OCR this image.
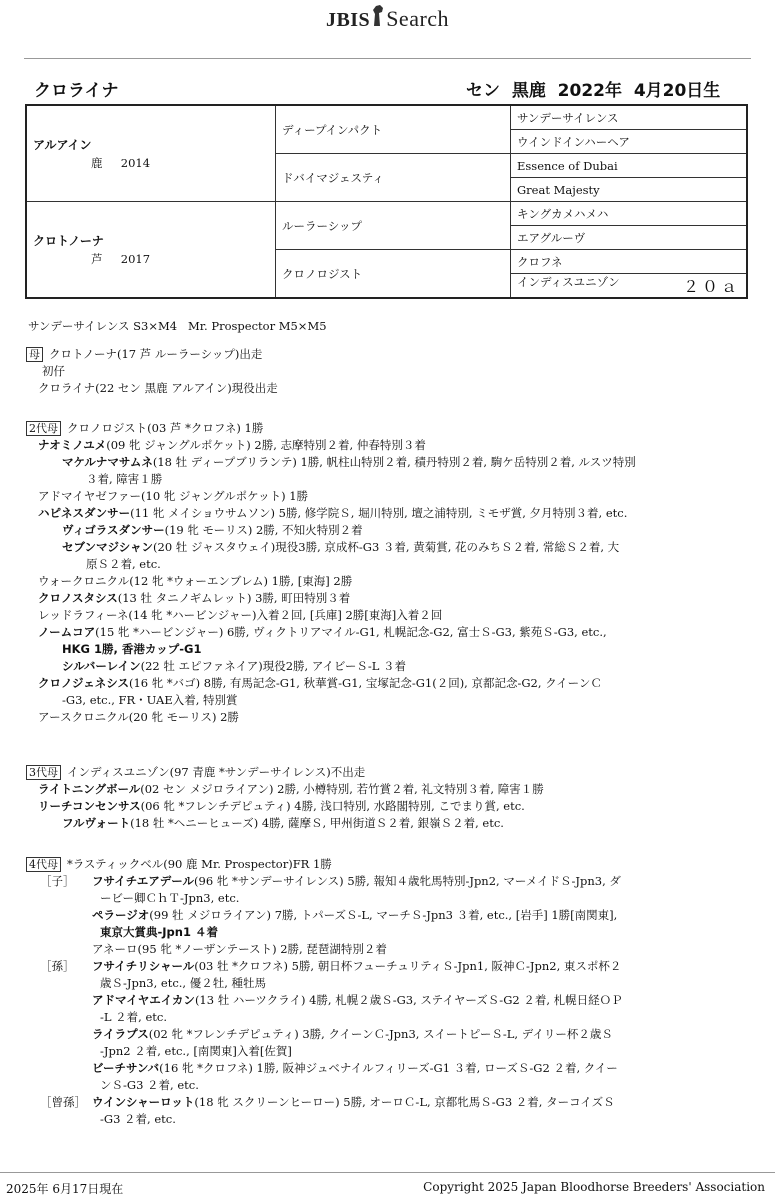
JBIS Search
クロライナ	セン  黒鹿  2022年  4月20日生
アルアイン
鹿     2014	ディープインパクト	サンデーサイレンス
		ウインドインハーヘア
	ドバイマジェスティ	Essence of Dubai
		Great Majesty

クロトノーナ
芦     2017	ルーラーシップ	キングカメハメハ
		エアグルーヴ
	クロノロジスト	クロフネ
		インディスユニゾン ２０ａ
サンデーサイレンス S3×M4   Mr. Prospector M5×M5
母 クロトノーナ(17 芦 ルーラーシップ)出走
初仔
クロライナ(22 セン 黒鹿 アルアイン)現役出走
2代母 クロノロジスト(03 芦 *クロフネ) 1勝
ナオミノユメ(09 牝 ジャングルポケット) 2勝, 志摩特別２着, 仲春特別３着
マケルナマサムネ(18 牡 ディープブリランテ) 1勝, 帆柱山特別２着, 積丹特別２着, 駒ケ岳特別２着, ルスツ特別
３着, 障害１勝
アドマイヤゼファー(10 牝 ジャングルポケット) 1勝
ハピネスダンサー(11 牝 メイショウサムソン) 5勝, 修学院Ｓ, 堀川特別, 壇之浦特別, ミモザ賞, 夕月特別３着, etc.
ヴィゴラスダンサー(19 牝 モーリス) 2勝, 不知火特別２着
セブンマジシャン(20 牡 ジャスタウェイ)現役3勝, 京成杯-G3 ３着, 黄菊賞, 花のみちＳ２着, 常総Ｓ２着, 大
原Ｓ２着, etc.
ウォークロニクル(12 牝 *ウォーエンブレム) 1勝, [東海] 2勝
クロノスタシス(13 牡 タニノギムレット) 3勝, 町田特別３着
レッドラフィーネ(14 牝 *ハービンジャー)入着２回, [兵庫] 2勝[東海]入着２回
ノームコア(15 牝 *ハービンジャー) 6勝, ヴィクトリアマイル-G1, 札幌記念-G2, 富士Ｓ-G3, 紫苑Ｓ-G3, etc.,
HKG 1勝, 香港カップ-G1
シルバーレイン(22 牡 エピファネイア)現役2勝, アイビーＳ-L ３着
クロノジェネシス(16 牝 *バゴ) 8勝, 有馬記念-G1, 秋華賞-G1, 宝塚記念-G1(２回), 京都記念-G2, クイーンＣ
-G3, etc., FR・UAE入着, 特別賞
アースクロニクル(20 牝 モーリス) 2勝
3代母 インディスユニゾン(97 青鹿 *サンデーサイレンス)不出走
ライトニングボール(02 セン メジロライアン) 2勝, 小樽特別, 若竹賞２着, 礼文特別３着, 障害１勝
リーチコンセンサス(06 牝 *フレンチデピュティ) 4勝, 浅口特別, 水路閣特別, こでまり賞, etc.
フルヴォート(18 牡 *ヘニーヒューズ) 4勝, 薩摩Ｓ, 甲州街道Ｓ２着, 銀嶺Ｓ２着, etc.
4代母 *ラスティックベル(90 鹿 Mr. Prospector)FR 1勝
［子］ フサイチエアデール(96 牝 *サンデーサイレンス) 5勝, 報知４歳牝馬特別-Jpn2, マーメイドＳ-Jpn3, ダ
ービー卿ＣｈＴ-Jpn3, etc.
ペラージオ(99 牡 メジロライアン) 7勝, トパーズＳ-L, マーチＳ-Jpn3 ３着, etc., [岩手] 1勝[南関東],
東京大賞典-Jpn1 ４着
アネーロ(95 牝 *ノーザンテースト) 2勝, 琵琶湖特別２着
［孫］ フサイチリシャール(03 牡 *クロフネ) 5勝, 朝日杯フューチュリティＳ-Jpn1, 阪神Ｃ-Jpn2, 東スポ杯２
歳Ｓ-Jpn3, etc., 優２牡, 種牡馬
アドマイヤエイカン(13 牡 ハーツクライ) 4勝, 札幌２歳Ｓ-G3, ステイヤーズＳ-G2 ２着, 札幌日経ＯＰ
-L ２着, etc.
ライラプス(02 牝 *フレンチデピュティ) 3勝, クイーンＣ-Jpn3, スイートピーＳ-L, デイリー杯２歳Ｓ
-Jpn2 ２着, etc., [南関東]入着[佐賀]
ビーチサンバ(16 牝 *クロフネ) 1勝, 阪神ジュベナイルフィリーズ-G1 ３着, ローズＳ-G2 ２着, クイー
ンＳ-G3 ２着, etc.
［曾孫］ ウインシャーロット(18 牝 スクリーンヒーロー) 5勝, オーロＣ-L, 京都牝馬Ｓ-G3 ２着, ターコイズＳ
-G3 ２着, etc.
2025年 6月17日現在	Copyright 2025 Japan Bloodhorse Breeders' Association
